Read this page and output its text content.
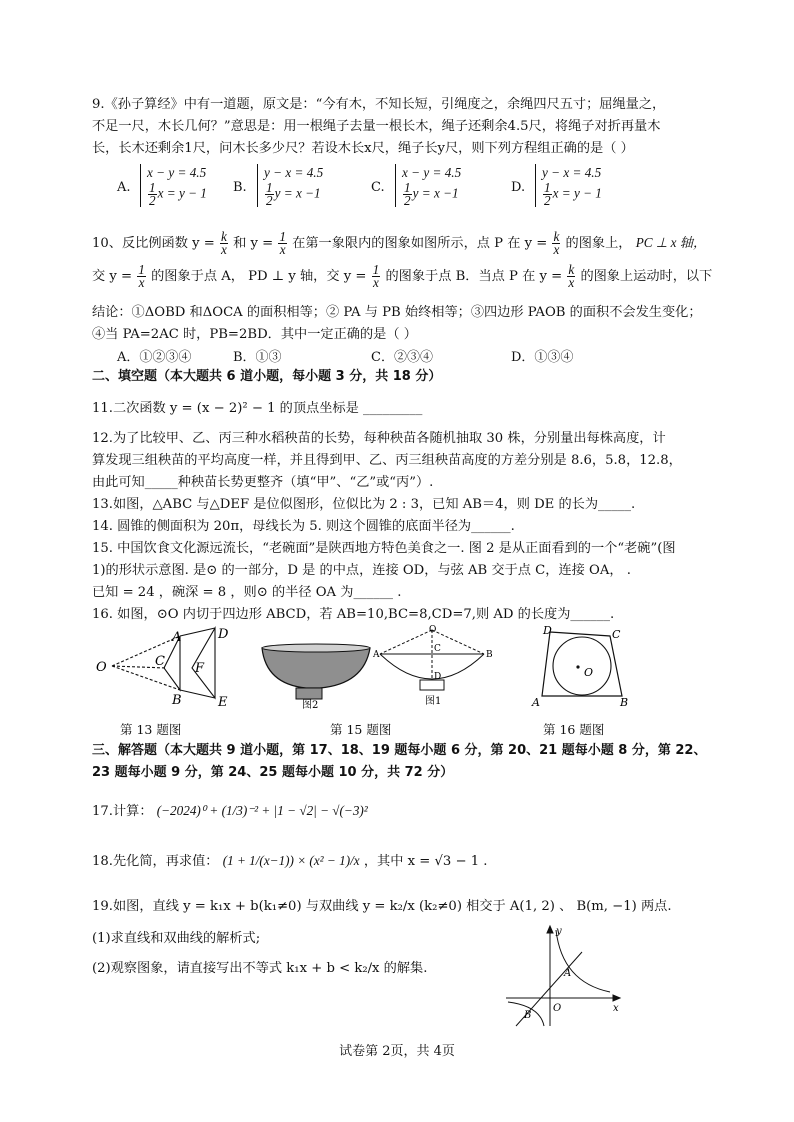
9.《孙子算经》中有一道题，原文是：“今有木，不知长短，引绳度之，余绳四尺五寸；屈绳量之，
不足一尺，木长几何？”意思是：用一根绳子去量一根长木，绳子还剩余4.5尺，将绳子对折再量木
长，长木还剩余1尺，问木长多少尺？若设木长x尺，绳子长y尺，则下列方程组正确的是（ ）
A.
x − y = 4.5
$\frac{1}{2}$ x = y − 1 B.
y − x = 4.5
$\frac{1}{2}$ y = x −1	C.
x − y = 4.5
$\frac{1}{2}$ y = x −1	D.
y − x = 4.5
$\frac{1}{2}$ x = y − 1
10、反比例函数 $y = \frac{k}{x}$ 和 $y = \frac{1}{x}$ 在第一象限内的图象如图所示，点 P 在 $y = \frac{k}{x}$ 的图象上， PC ⊥ x 轴，
交 $y = \frac{1}{x}$ 的图象于点 A， PD ⊥ y 轴，交 $y = \frac{1}{x}$ 的图象于点 B．当点 P 在 $y = \frac{k}{x}$ 的图象上运动时，以下
结论：①ΔOBD 和ΔOCA 的面积相等；② PA 与 PB 始终相等；③四边形 PAOB 的面积不会发生变化；
④当 PA=2AC 时，PB=2BD．其中一定正确的是（ ）
A．①②③④	B．①③	C．②③④	D．①③④
二、填空题（本大题共 6 道小题，每小题 3 分，共 18 分）
11.二次函数 y = (x − 2)² − 1 的顶点坐标是 _________
12.为了比较甲、乙、丙三种水稻秧苗的长势，每种秧苗各随机抽取 30 株，分别量出每株高度，计
算发现三组秧苗的平均高度一样，并且得到甲、乙、丙三组秧苗高度的方差分别是 8.6，5.8，12.8，
由此可知_____种秧苗长势更整齐（填“甲”、“乙”或“丙”）.
13.如图，△ABC 与△DEF 是位似图形，位似比为 2 : 3，已知 AB＝4，则 DE 的长为_____.
14. 圆锥的侧面积为 20π，母线长为 5. 则这个圆锥的底面半径为______.
15. 中国饮食文化源远流长，“老碗面”是陕西地方特色美食之一. 图 2 是从正面看到的一个“老碗”(图
1)的形状示意图. 是⊙ 的一部分，D 是 的中点，连接 OD，与弦 AB 交于点 C，连接 OA， .
已知 = 24 ，碗深 = 8 ，则⊙ 的半径 OA 为______ .
16. 如图，⊙O 内切于四边形 ABCD，若 AB=10,BC=8,CD=7,则 AD 的长度为______.
A	D
C F
O
B	E	图2
O
A
C
B
D
图1
D	C
O
A	B
第 13 题图	第 15 题图	第 16 题图
三、解答题（本大题共 9 道小题，第 17、18、19 题每小题 6 分，第 20、21 题每小题 8 分，第 22、
23 题每小题 9 分，第 24、25 题每小题 10 分，共 72 分）
17.计算： (−2024)⁰ + (1/3)⁻² + |1 − √2| − √(−3)²
18.先化简，再求值： (1 + 1/(x−1)) × (x² − 1)/x ，其中 x = √3 − 1 .
19.如图，直线 y = k₁x + b(k₁≠0) 与双曲线 y = k₂/x (k₂≠0) 相交于 A(1, 2) 、 B(m, −1) 两点.
(1)求直线和双曲线的解析式;
(2)观察图象，请直接写出不等式 k₁x + b < k₂/x 的解集.
y
x
O
A
B
试卷第 2页，共 4页
